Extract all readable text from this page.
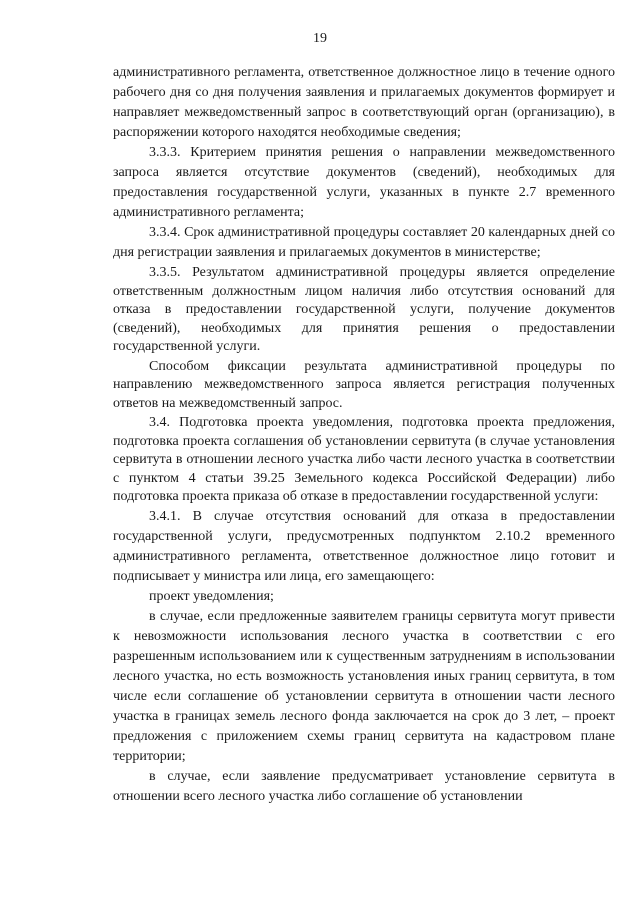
19

административного регламента, ответственное должностное лицо в течение одного рабочего дня со дня получения заявления и прилагаемых документов формирует и направляет межведомственный запрос в соответствующий орган (организацию), в распоряжении которого находятся необходимые сведения;

3.3.3. Критерием принятия решения о направлении межведомственного запроса является отсутствие документов (сведений), необходимых для предоставления государственной услуги, указанных в пункте 2.7 временного административного регламента;

3.3.4. Срок административной процедуры составляет 20 календарных дней со дня регистрации заявления и прилагаемых документов в министерстве;

3.3.5. Результатом административной процедуры является определение ответственным должностным лицом наличия либо отсутствия оснований для отказа в предоставлении государственной услуги, получение документов (сведений), необходимых для принятия решения о предоставлении государственной услуги.

Способом фиксации результата административной процедуры по направлению межведомственного запроса является регистрация полученных ответов на межведомственный запрос.

3.4. Подготовка проекта уведомления, подготовка проекта предложения, подготовка проекта соглашения об установлении сервитута (в случае установления сервитута в отношении лесного участка либо части лесного участка в соответствии с пунктом 4 статьи 39.25 Земельного кодекса Российской Федерации) либо подготовка проекта приказа об отказе в предоставлении государственной услуги:

3.4.1. В случае отсутствия оснований для отказа в предоставлении государственной услуги, предусмотренных подпунктом 2.10.2 временного административного регламента, ответственное должностное лицо готовит и подписывает у министра или лица, его замещающего:

проект уведомления;

в случае, если предложенные заявителем границы сервитута могут привести к невозможности использования лесного участка в соответствии с его разрешенным использованием или к существенным затруднениям в использовании лесного участка, но есть возможность установления иных границ сервитута, в том числе если соглашение об установлении сервитута в отношении части лесного участка в границах земель лесного фонда заключается на срок до 3 лет, – проект предложения с приложением схемы границ сервитута на кадастровом плане территории;

в случае, если заявление предусматривает установление сервитута в отношении всего лесного участка либо соглашение об установлении
